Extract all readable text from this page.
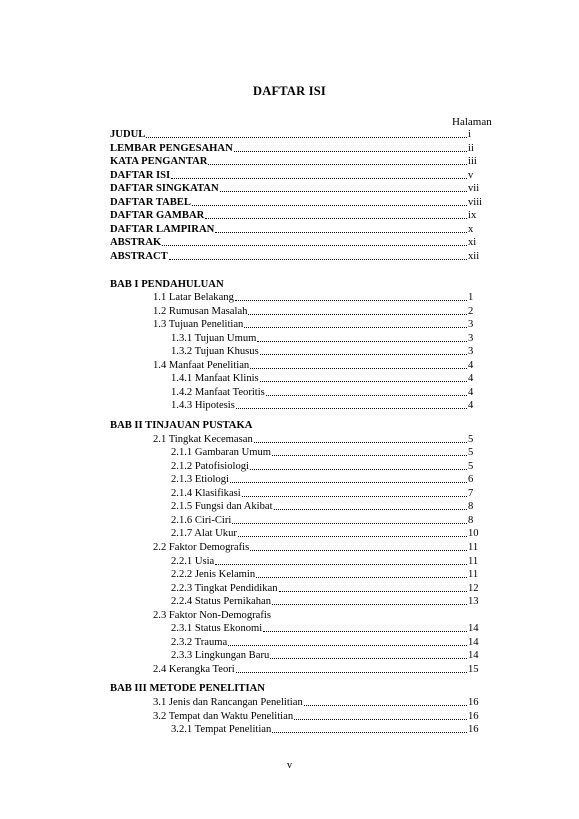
DAFTAR ISI
Halaman
JUDUL	i
LEMBAR PENGESAHAN	ii
KATA PENGANTAR	iii
DAFTAR ISI	v
DAFTAR SINGKATAN	vii
DAFTAR TABEL	viii
DAFTAR GAMBAR	ix
DAFTAR LAMPIRAN	x
ABSTRAK	xi
ABSTRACT	xii
BAB I PENDAHULUAN
1.1 Latar Belakang	1
1.2 Rumusan Masalah	2
1.3 Tujuan Penelitian	3
1.3.1 Tujuan Umum	3
1.3.2 Tujuan Khusus	3
1.4 Manfaat Penelitian	4
1.4.1 Manfaat Klinis	4
1.4.2 Manfaat Teoritis	4
1.4.3 Hipotesis	4
BAB II TINJAUAN PUSTAKA
2.1 Tingkat Kecemasan	5
2.1.1 Gambaran Umum	5
2.1.2 Patofisiologi	5
2.1.3 Etiologi	6
2.1.4 Klasifikasi	7
2.1.5 Fungsi dan Akibat	8
2.1.6 Ciri-Ciri	8
2.1.7 Alat Ukur	10
2.2 Faktor Demografis	11
2.2.1 Usia	11
2.2.2 Jenis Kelamin	11
2.2.3 Tingkat Pendidikan	12
2.2.4 Status Pernikahan	13
2.3 Faktor Non-Demografis
2.3.1 Status Ekonomi	14
2.3.2 Trauma	14
2.3.3 Lingkungan Baru	14
2.4 Kerangka Teori	15
BAB III METODE PENELITIAN
3.1 Jenis dan Rancangan Penelitian	16
3.2 Tempat dan Waktu Penelitian	16
3.2.1 Tempat Penelitian	16
v
